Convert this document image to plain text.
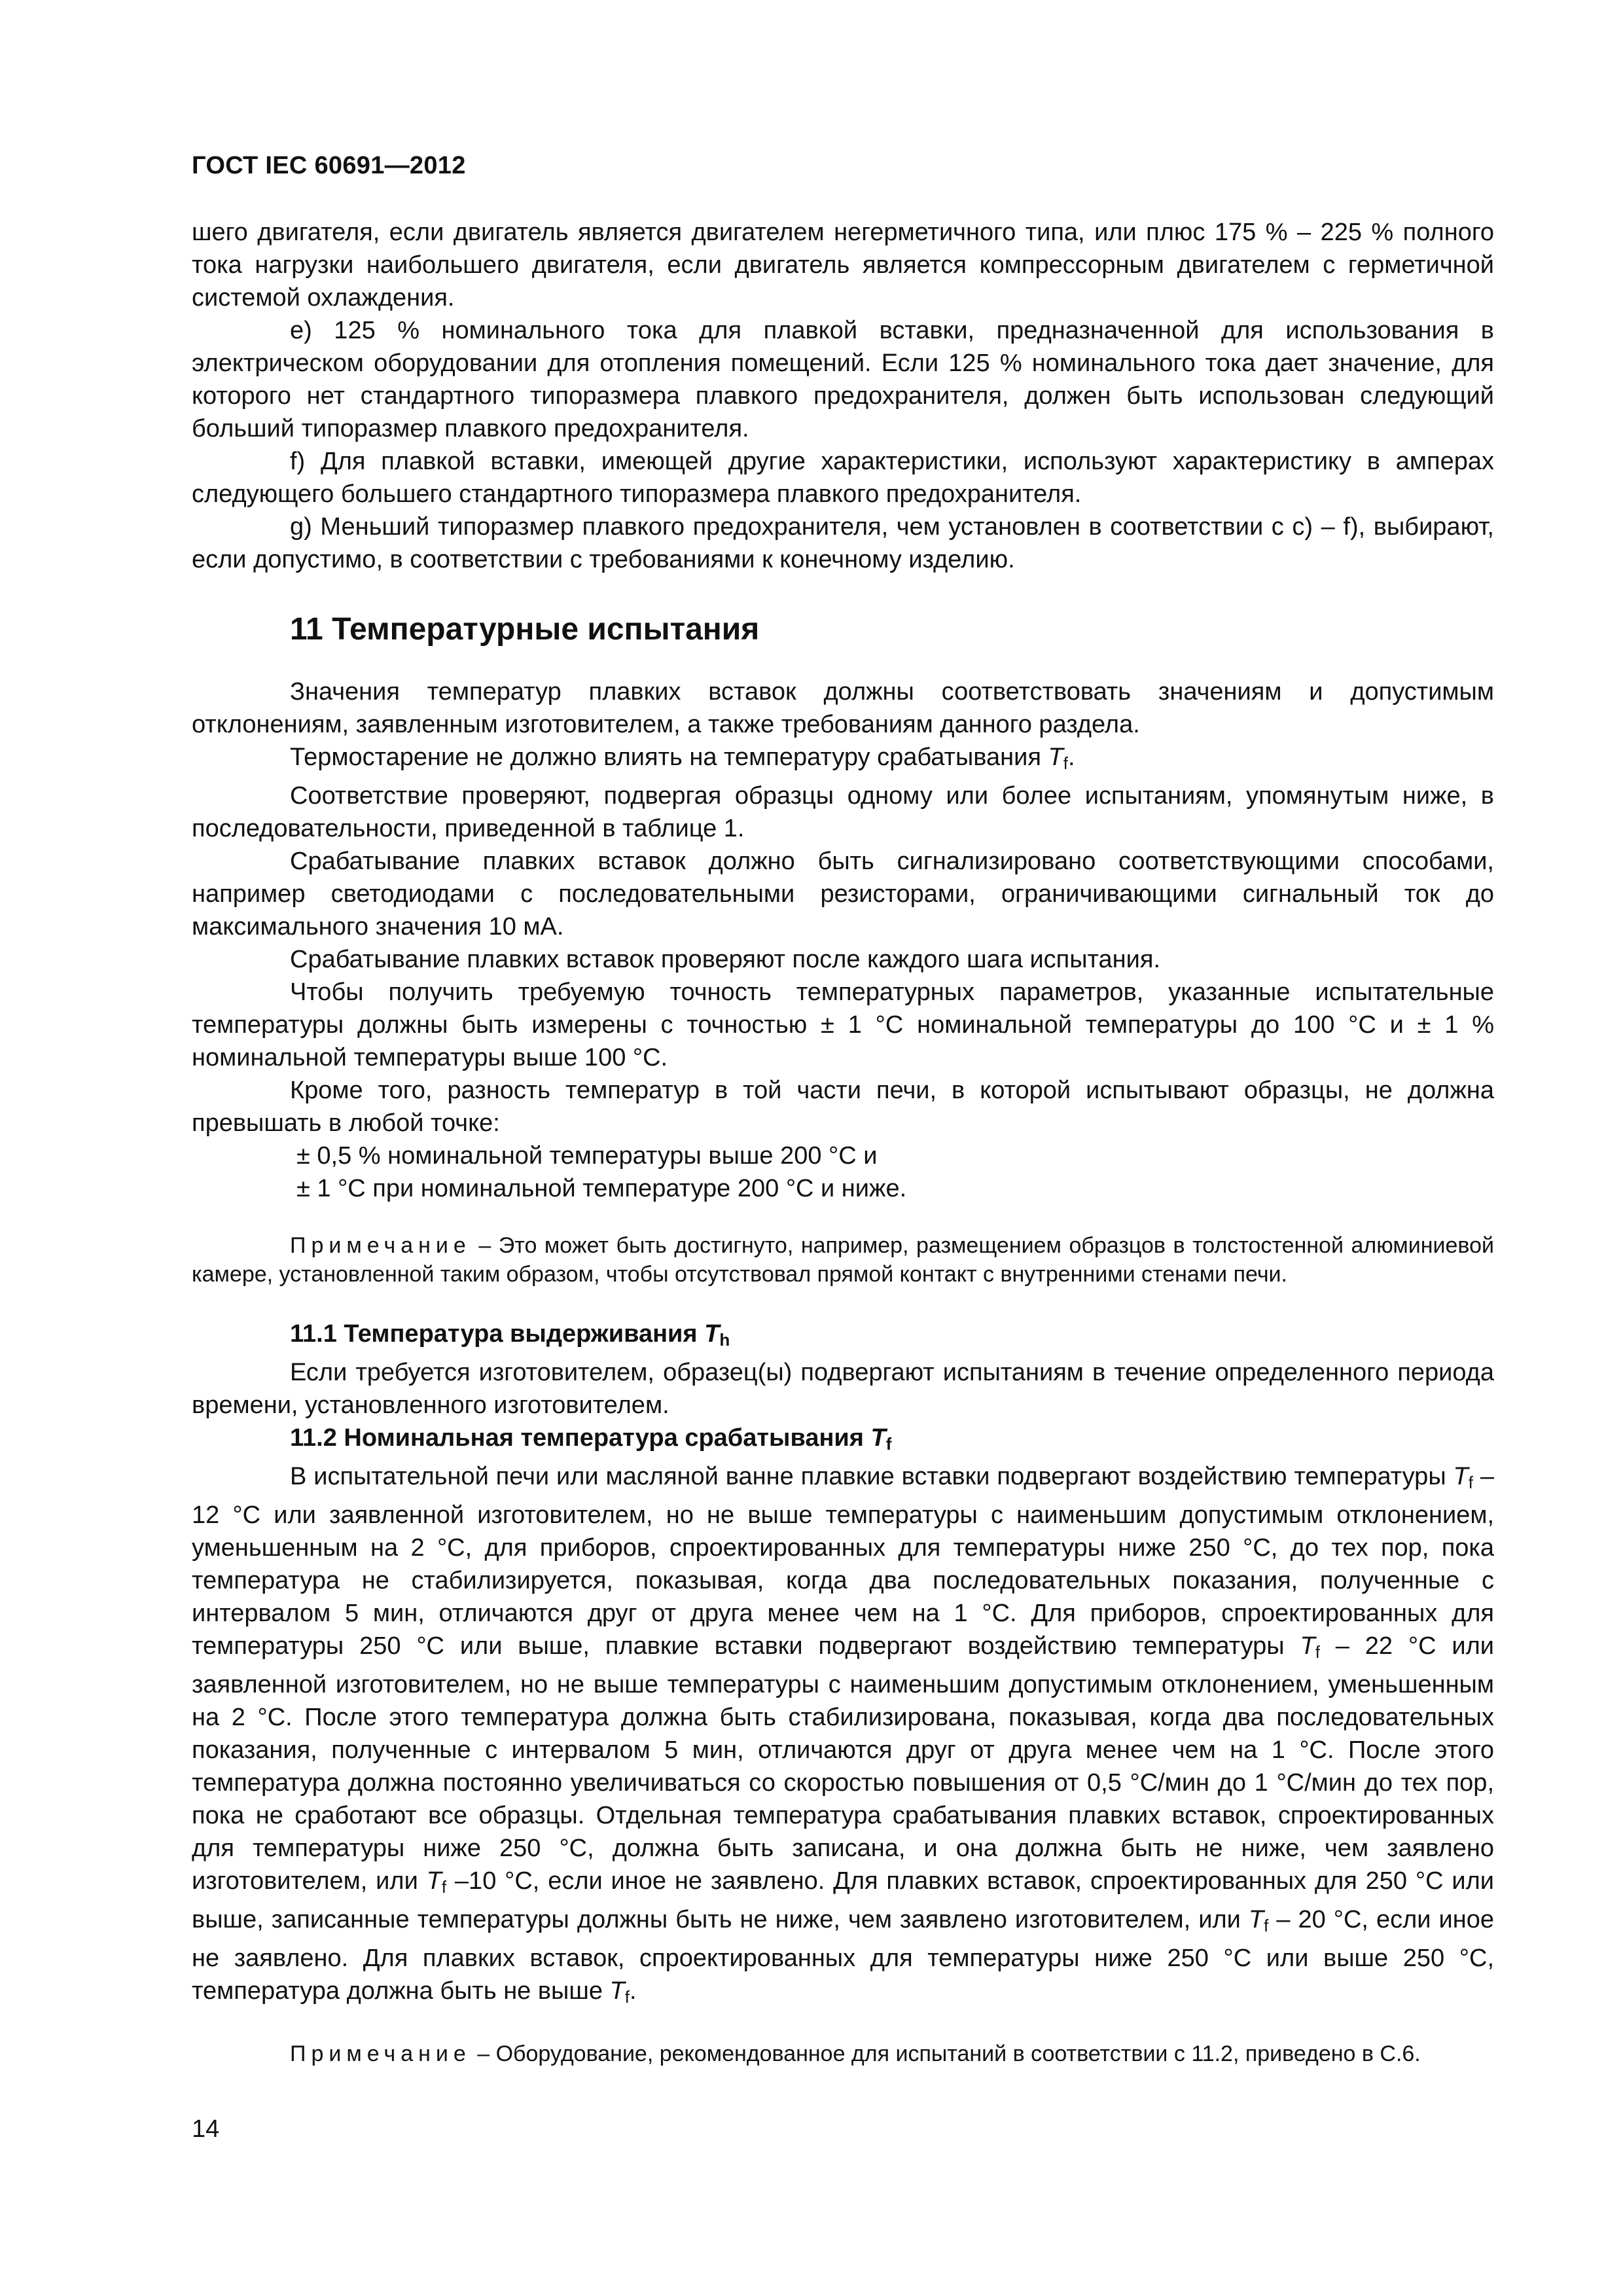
ГОСТ IEC 60691—2012

шего двигателя, если двигатель является двигателем негерметичного типа, или плюс 175 % – 225 % полного тока нагрузки наибольшего двигателя, если двигатель является компрессорным двигателем с герметичной системой охлаждения.

е) 125 % номинального тока для плавкой вставки, предназначенной для использования в электрическом оборудовании для отопления помещений. Если 125 % номинального тока дает значение, для которого нет стандартного типоразмера плавкого предохранителя, должен быть использован следующий больший типоразмер плавкого предохранителя.

f) Для плавкой вставки, имеющей другие характеристики, используют характеристику в амперах следующего большего стандартного типоразмера плавкого предохранителя.

g) Меньший типоразмер плавкого предохранителя, чем установлен в соответствии с с) – f), выбирают, если допустимо, в соответствии с требованиями к конечному изделию.

11 Температурные испытания

Значения температур плавких вставок должны соответствовать значениям и допустимым отклонениям, заявленным изготовителем, а также требованиям данного раздела.

Термостарение не должно влиять на температуру срабатывания Tf.

Соответствие проверяют, подвергая образцы одному или более испытаниям, упомянутым ниже, в последовательности, приведенной в таблице 1.

Срабатывание плавких вставок должно быть сигнализировано соответствующими способами, например светодиодами с последовательными резисторами, ограничивающими сигнальный ток до максимального значения 10 мА.

Срабатывание плавких вставок проверяют после каждого шага испытания.

Чтобы получить требуемую точность температурных параметров, указанные испытательные температуры должны быть измерены с точностью ± 1 °С номинальной температуры до 100 °С и ± 1 % номинальной температуры выше 100 °С.

Кроме того, разность температур в той части печи, в которой испытывают образцы, не должна превышать в любой точке:

± 0,5 % номинальной температуры выше 200 °С и

± 1 °С при номинальной температуре 200 °С и ниже.

Примечание – Это может быть достигнуто, например, размещением образцов в толстостенной алюминиевой камере, установленной таким образом, чтобы отсутствовал прямой контакт с внутренними стенами печи.

11.1 Температура выдерживания Th

Если требуется изготовителем, образец(ы) подвергают испытаниям в течение определенного периода времени, установленного изготовителем.

11.2 Номинальная температура срабатывания Tf

В испытательной печи или масляной ванне плавкие вставки подвергают воздействию температуры Tf – 12 °С или заявленной изготовителем, но не выше температуры с наименьшим допустимым отклонением, уменьшенным на 2 °С, для приборов, спроектированных для температуры ниже 250 °С, до тех пор, пока температура не стабилизируется, показывая, когда два последовательных показания, полученные с интервалом 5 мин, отличаются друг от друга менее чем на 1 °С. Для приборов, спроектированных для температуры 250 °С или выше, плавкие вставки подвергают воздействию температуры Tf – 22 °С или заявленной изготовителем, но не выше температуры с наименьшим допустимым отклонением, уменьшенным на 2 °С. После этого температура должна быть стабилизирована, показывая, когда два последовательных показания, полученные с интервалом 5 мин, отличаются друг от друга менее чем на 1 °С. После этого температура должна постоянно увеличиваться со скоростью повышения от 0,5 °С/мин до 1 °С/мин до тех пор, пока не сработают все образцы. Отдельная температура срабатывания плавких вставок, спроектированных для температуры ниже 250 °С, должна быть записана, и она должна быть не ниже, чем заявлено изготовителем, или Tf –10 °С, если иное не заявлено. Для плавких вставок, спроектированных для 250 °С или выше, записанные температуры должны быть не ниже, чем заявлено изготовителем, или Tf – 20 °С, если иное не заявлено. Для плавких вставок, спроектированных для температуры ниже 250 °С или выше 250 °С, температура должна быть не выше Tf.

Примечание – Оборудование, рекомендованное для испытаний в соответствии с 11.2, приведено в С.6.

14
